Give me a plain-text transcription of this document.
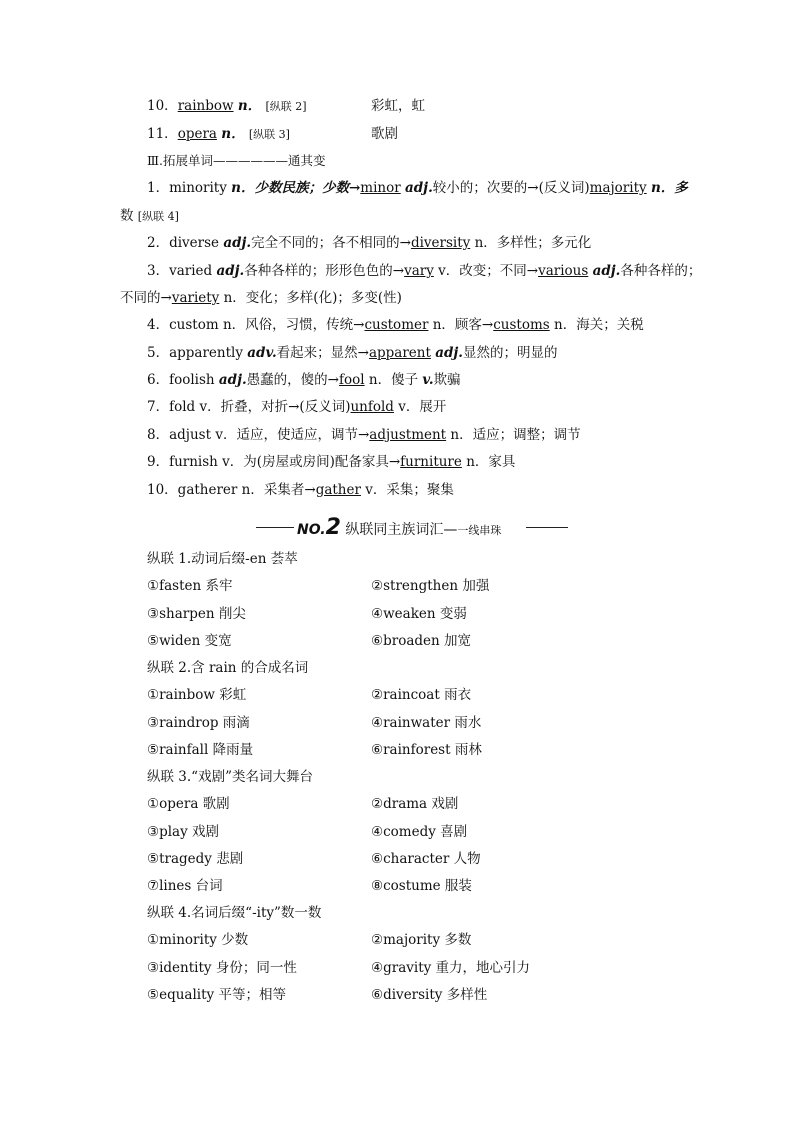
10．rainbow n． [纵联 2]	彩虹，虹
11．opera n． [纵联 3]	歌剧
Ⅲ.拓展单词——————通其变
1．minority n．少数民族；少数→minor adj.较小的；次要的→(反义词)majority n．多
数 [纵联 4]
2．diverse adj.完全不同的；各不相同的→diversity n．多样性；多元化
3．varied adj.各种各样的；形形色色的→vary v．改变；不同→various adj.各种各样的；
不同的→variety n．变化；多样(化)；多变(性)
4．custom n．风俗，习惯，传统→customer n．顾客→customs n．海关；关税
5．apparently adv.看起来；显然→apparent adj.显然的；明显的
6．foolish adj.愚蠢的，傻的→fool n．傻子 v.欺骗
7．fold v．折叠，对折→(反义词)unfold v．展开
8．adjust v．适应，使适应，调节→adjustment n．适应；调整；调节
9．furnish v．为(房屋或房间)配备家具→furniture n．家具
10．gatherer n．采集者→gather v．采集；聚集
NO.2 纵联同主族词汇—一线串珠
纵联 1.动词后缀-en 荟萃
①fasten 系牢	②strengthen 加强
③sharpen 削尖	④weaken 变弱
⑤widen 变宽	⑥broaden 加宽
纵联 2.含 rain 的合成名词
①rainbow 彩虹	②raincoat 雨衣
③raindrop 雨滴	④rainwater 雨水
⑤rainfall 降雨量	⑥rainforest 雨林
纵联 3.“戏剧”类名词大舞台
①opera 歌剧	②drama 戏剧
③play 戏剧	④comedy 喜剧
⑤tragedy 悲剧	⑥character 人物
⑦lines 台词	⑧costume 服装
纵联 4.名词后缀“-ity”数一数
①minority 少数	②majority 多数
③identity 身份；同一性	④gravity 重力，地心引力
⑤equality 平等；相等	⑥diversity 多样性
